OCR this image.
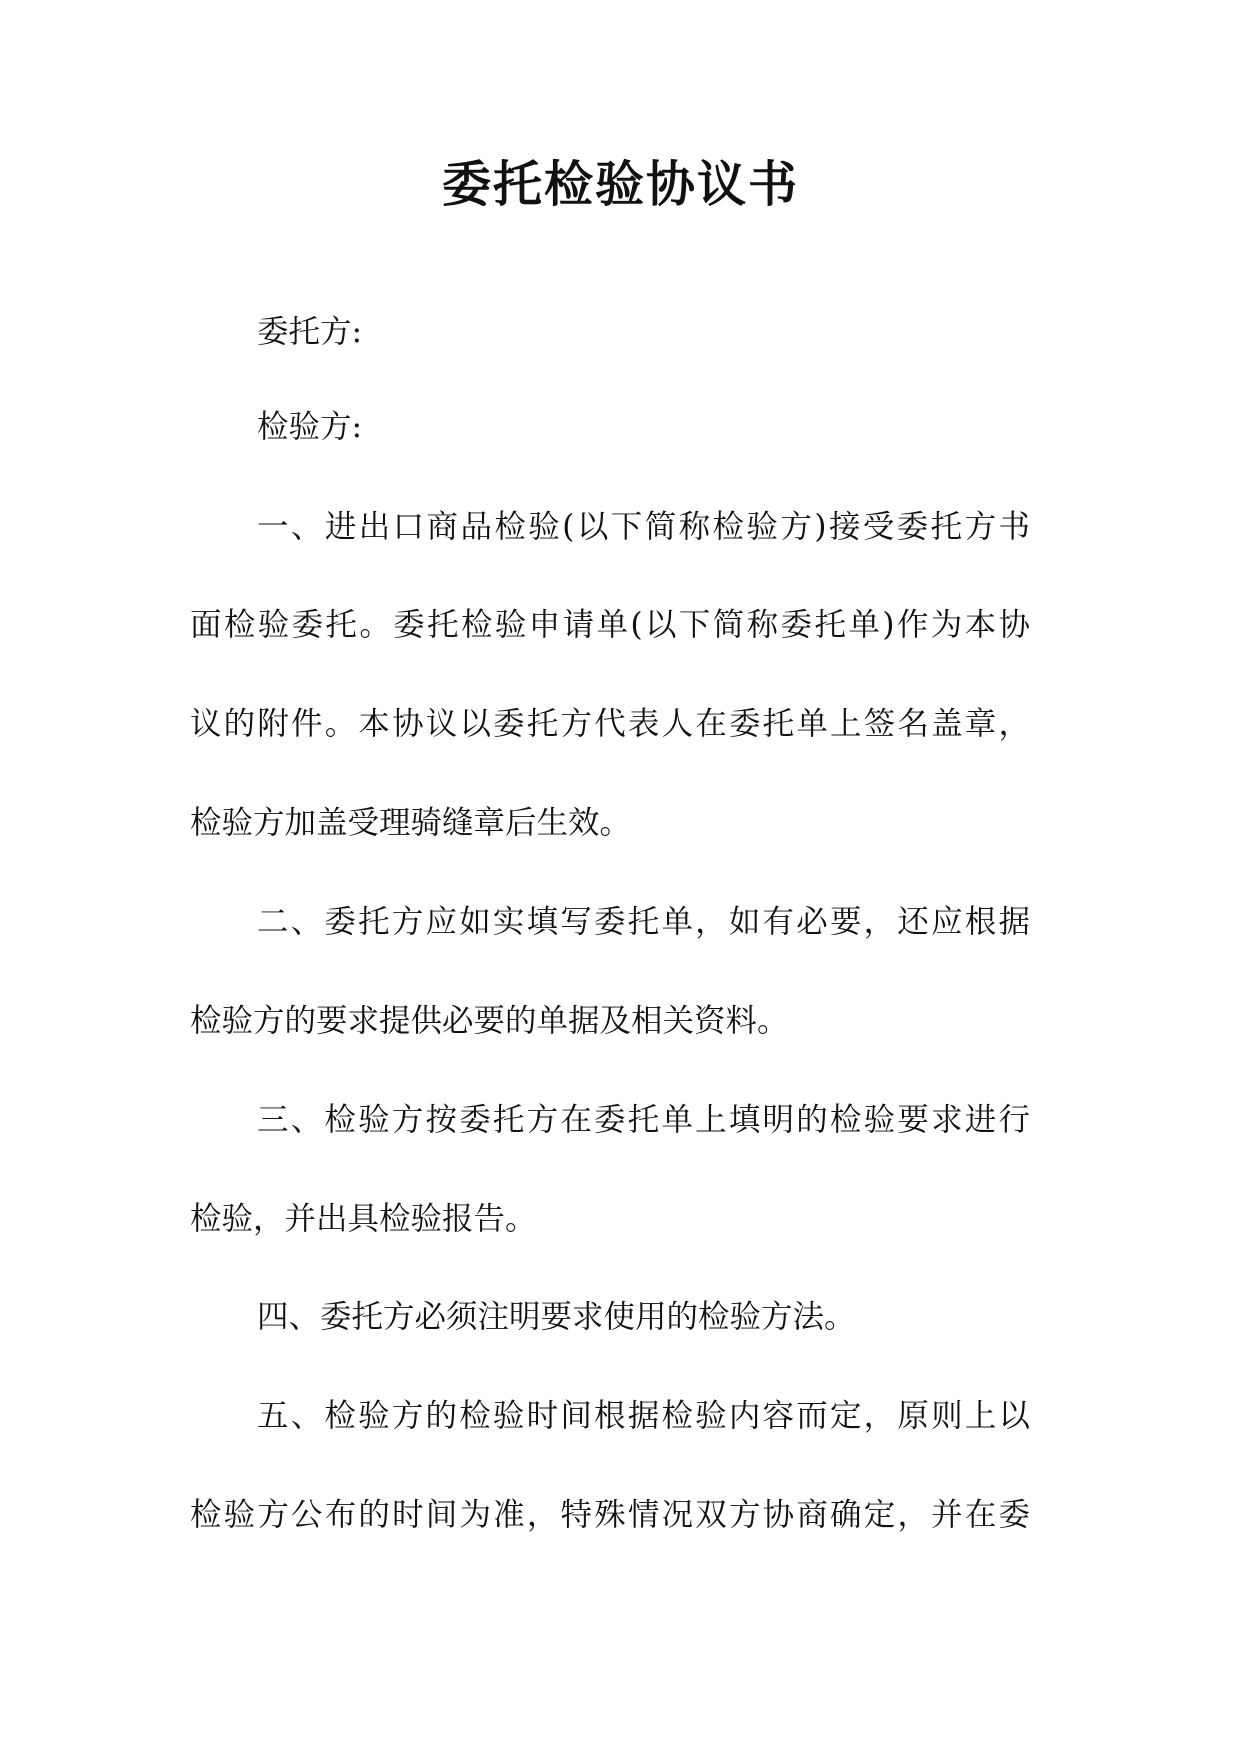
委托检验协议书
委托方:
检验方:
一、进出口商品检验(以下简称检验方)接受委托方书
面检验委托。委托检验申请单(以下简称委托单)作为本协
议的附件。本协议以委托方代表人在委托单上签名盖章，
检验方加盖受理骑缝章后生效。
二、委托方应如实填写委托单，如有必要，还应根据
检验方的要求提供必要的单据及相关资料。
三、检验方按委托方在委托单上填明的检验要求进行
检验，并出具检验报告。
四、委托方必须注明要求使用的检验方法。
五、检验方的检验时间根据检验内容而定，原则上以
检验方公布的时间为准，特殊情况双方协商确定，并在委
